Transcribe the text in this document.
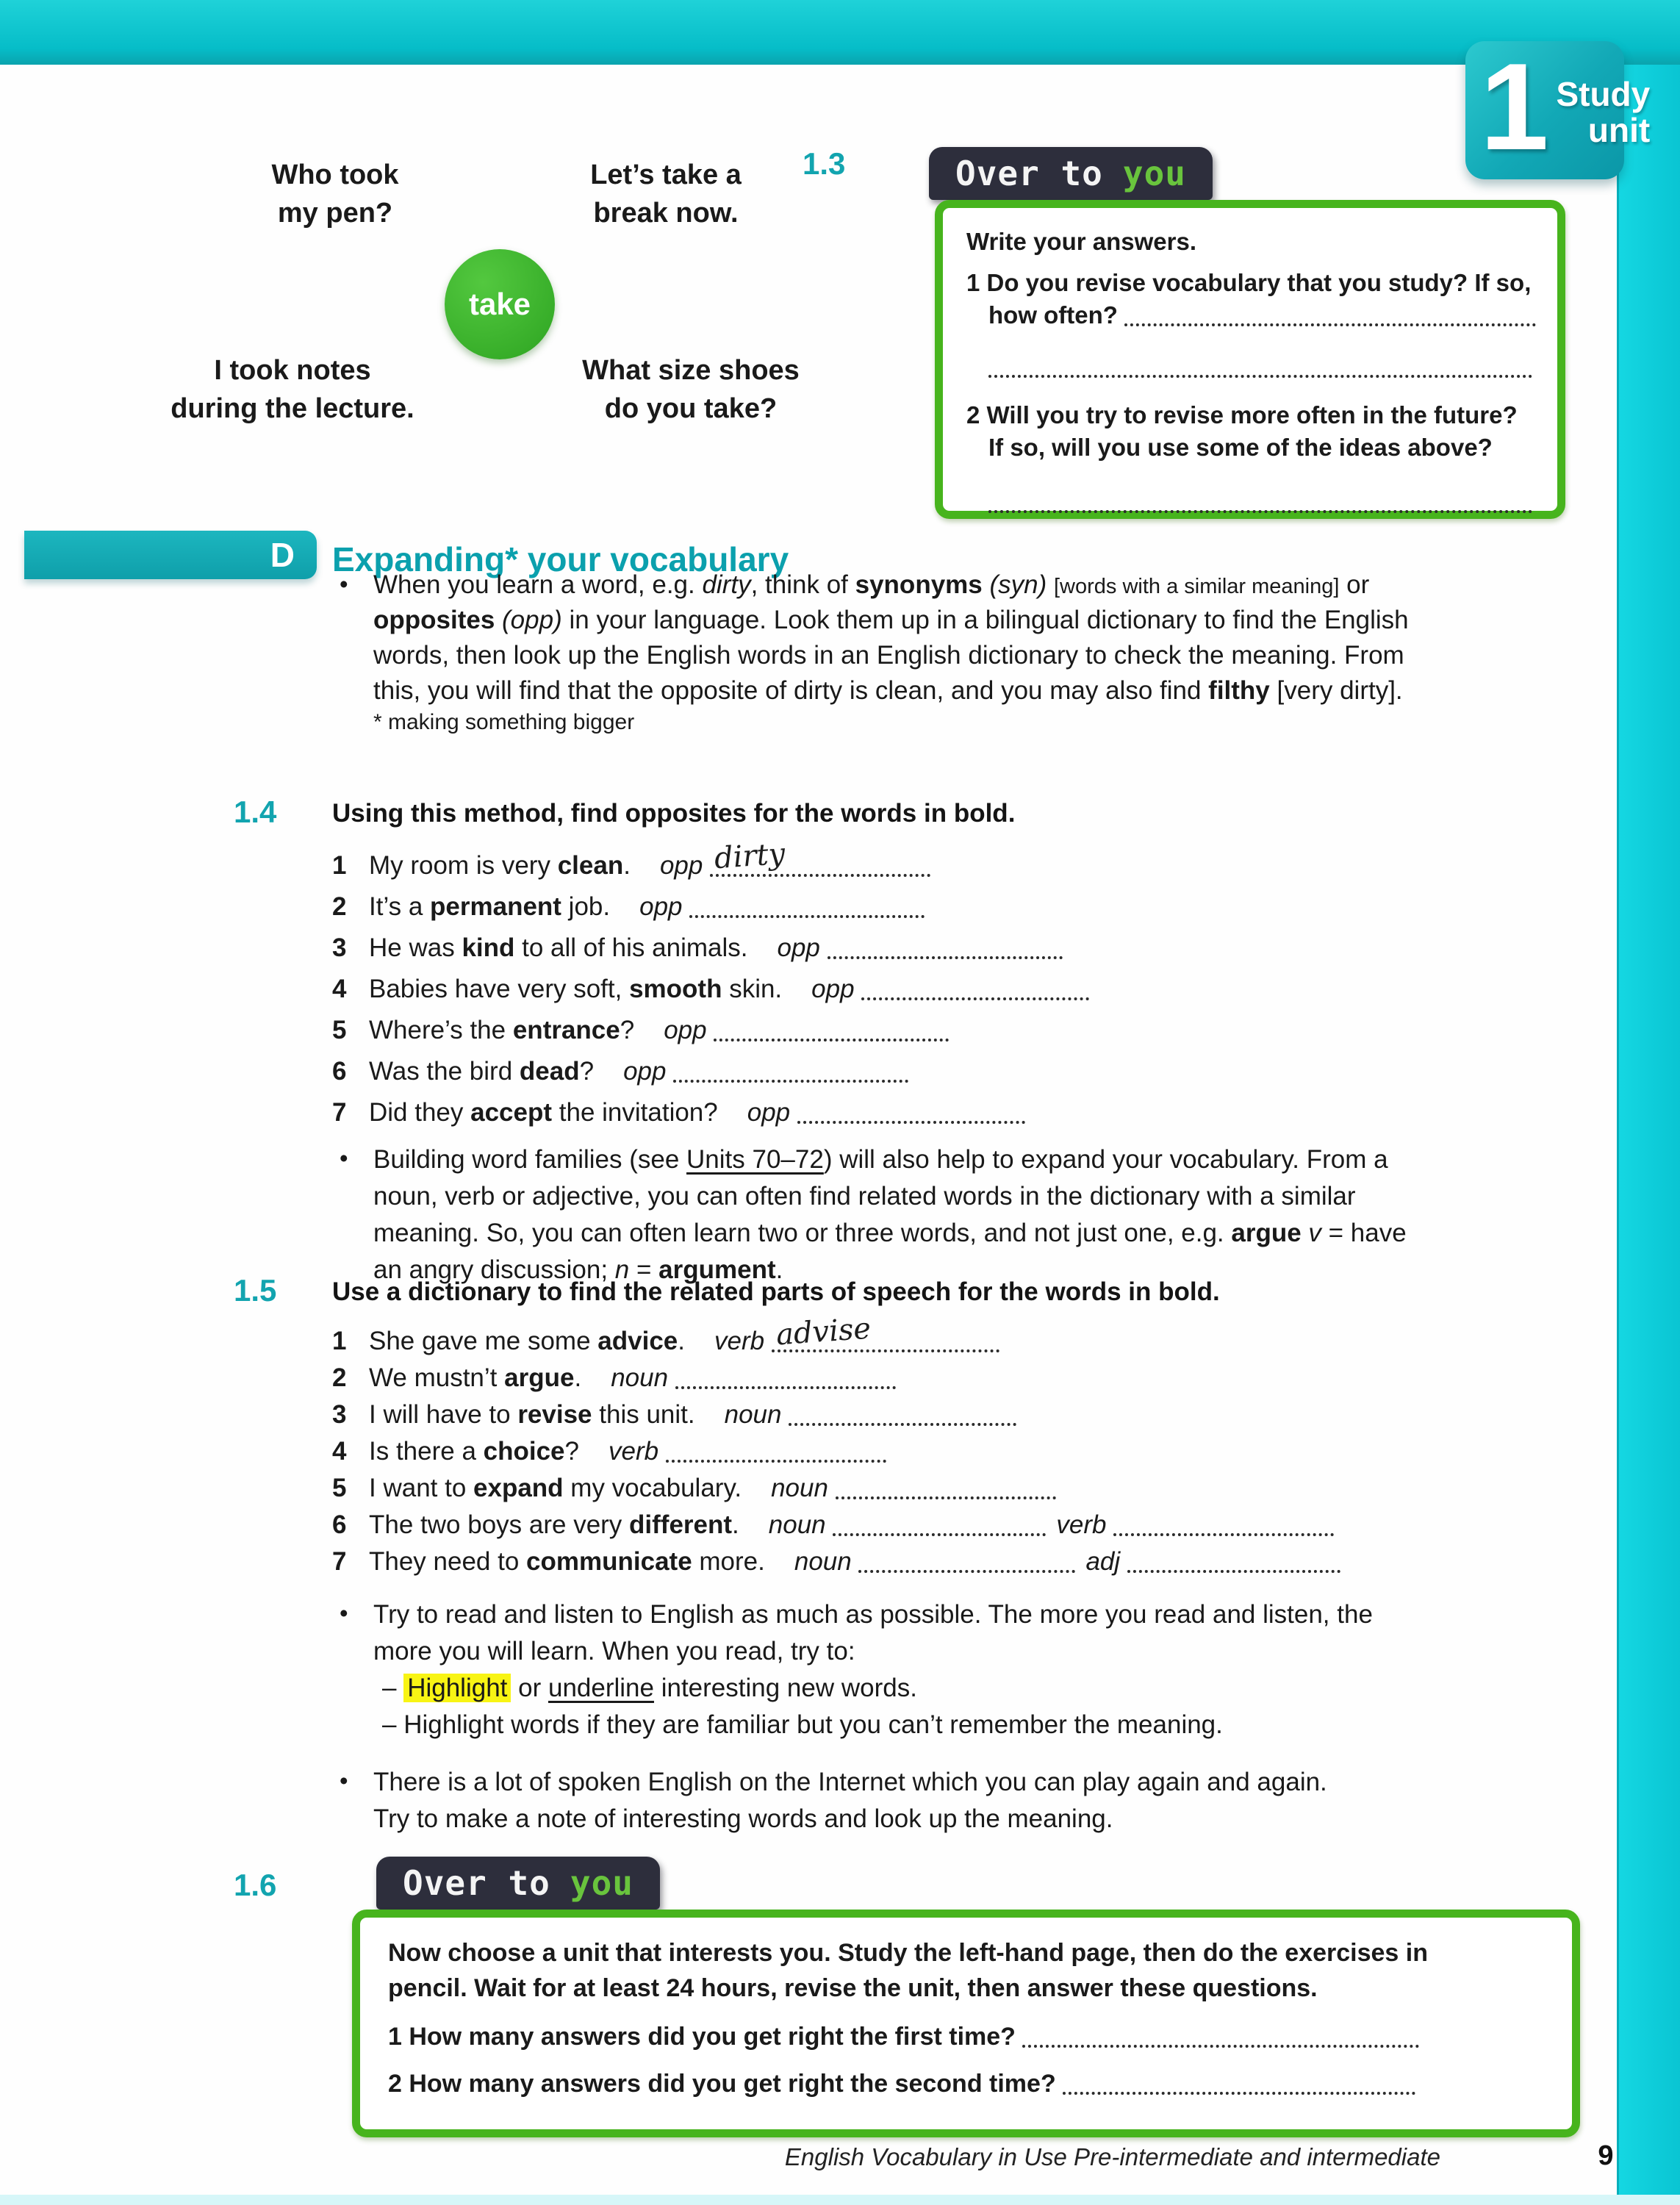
1 Study
unit
Who took
my pen?
Let’s take a
break now.
I took notes
during the lecture.
What size shoes
do you take?
take
1.3	Over to you
Write your answers.
1 Do you revise vocabulary that you study? If so,
how often?
2 Will you try to revise more often in the future?
If so, will you use some of the ideas above?
D Expanding* your vocabulary
• When you learn a word, e.g. dirty, think of synonyms (syn) [words with a similar meaning] or
opposites (opp) in your language. Look them up in a bilingual dictionary to find the English
words, then look up the English words in an English dictionary to check the meaning. From
this, you will find that the opposite of dirty is clean, and you may also find filthy [very dirty].
* making something bigger
1.4 Using this method, find opposites for the words in bold.
1 My room is very clean. opp dirty
2 It’s a permanent job. opp
3 He was kind to all of his animals. opp
4 Babies have very soft, smooth skin. opp
5 Where’s the entrance? opp
6 Was the bird dead? opp
7 Did they accept the invitation? opp
• Building word families (see Units 70–72) will also help to expand your vocabulary. From a
noun, verb or adjective, you can often find related words in the dictionary with a similar
meaning. So, you can often learn two or three words, and not just one, e.g. argue v = have
an angry discussion; n = argument.
1.5 Use a dictionary to find the related parts of speech for the words in bold.
1 She gave me some advice. verb advise
2 We mustn’t argue. noun
3 I will have to revise this unit. noun
4 Is there a choice? verb
5 I want to expand my vocabulary. noun
6 The two boys are very different. noun	verb
7 They need to communicate more. noun	adj
• Try to read and listen to English as much as possible. The more you read and listen, the
more you will learn. When you read, try to:
– Highlight or underline interesting new words.
– Highlight words if they are familiar but you can’t remember the meaning.
• There is a lot of spoken English on the Internet which you can play again and again.
Try to make a note of interesting words and look up the meaning.
1.6	Over to you
Now choose a unit that interests you. Study the left-hand page, then do the exercises in
pencil. Wait for at least 24 hours, revise the unit, then answer these questions.
1 How many answers did you get right the first time?
2 How many answers did you get right the second time?
English Vocabulary in Use Pre-intermediate and intermediate	9
